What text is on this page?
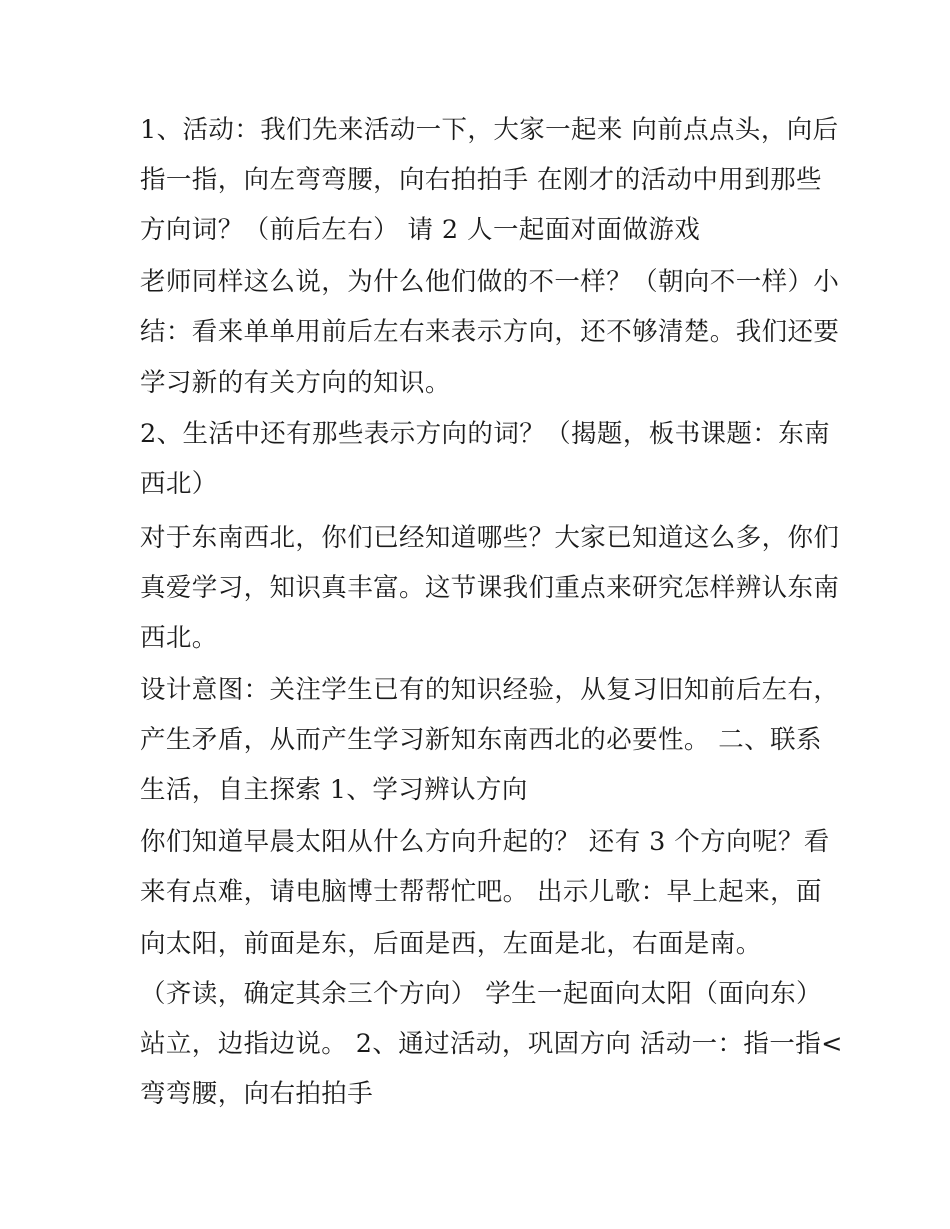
1、活动：我们先来活动一下，大家一起来 向前点点头，向后
指一指，向左弯弯腰，向右拍拍手 在刚才的活动中用到那些
方向词？（前后左右） 请 2 人一起面对面做游戏
老师同样这么说，为什么他们做的不一样？（朝向不一样）小
结：看来单单用前后左右来表示方向，还不够清楚。我们还要
学习新的有关方向的知识。
2、生活中还有那些表示方向的词？（揭题，板书课题：东南
西北）
对于东南西北，你们已经知道哪些？大家已知道这么多，你们
真爱学习，知识真丰富。这节课我们重点来研究怎样辨认东南
西北。
设计意图：关注学生已有的知识经验，从复习旧知前后左右，
产生矛盾，从而产生学习新知东南西北的必要性。 二、联系
生活，自主探索 1、学习辨认方向
你们知道早晨太阳从什么方向升起的？ 还有 3 个方向呢？看
来有点难，请电脑博士帮帮忙吧。 出示儿歌：早上起来，面
向太阳，前面是东，后面是西，左面是北，右面是南。
（齐读，确定其余三个方向） 学生一起面向太阳（面向东）
站立，边指边说。 2、通过活动，巩固方向 活动一：指一指<
弯弯腰，向右拍拍手
